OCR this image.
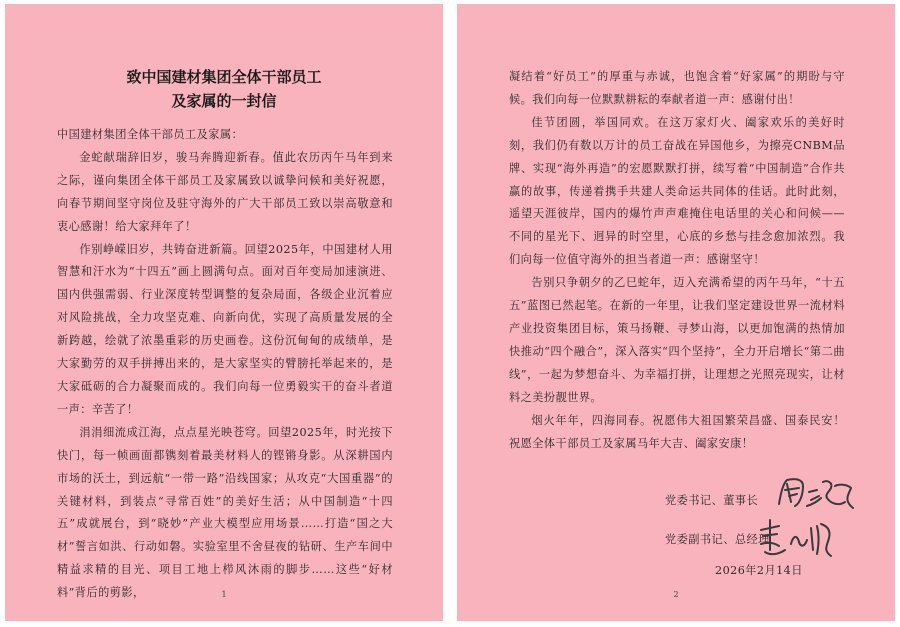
致中国建材集团全体干部员工

及家属的一封信

中国建材集团全体干部员工及家属：

金蛇献瑞辞旧岁，骏马奔腾迎新春。值此农历丙午马年到来之际，谨向集团全体干部员工及家属致以诚挚问候和美好祝愿，向春节期间坚守岗位及驻守海外的广大干部员工致以崇高敬意和衷心感谢！给大家拜年了！

作别峥嵘旧岁，共铸奋进新篇。回望2025年，中国建材人用智慧和汗水为“十四五”画上圆满句点。面对百年变局加速演进、国内供强需弱、行业深度转型调整的复杂局面，各级企业沉着应对风险挑战，全力攻坚克难、向新向优，实现了高质量发展的全新跨越，绘就了浓墨重彩的历史画卷。这份沉甸甸的成绩单，是大家勤劳的双手拼搏出来的，是大家坚实的臂膀托举起来的，是大家砥砺的合力凝聚而成的。我们向每一位勇毅实干的奋斗者道一声：辛苦了！

涓涓细流成江海，点点星光映苍穹。回望2025年，时光按下快门，每一帧画面都镌刻着最美材料人的铿锵身影。从深耕国内市场的沃土，到远航“一带一路”沿线国家；从攻克“大国重器”的关键材料，到装点“寻常百姓”的美好生活；从中国制造“十四五”成就展台，到“晓妙”产业大模型应用场景……打造“国之大材”誓言如洪、行动如磐。实验室里不舍昼夜的钻研、生产车间中精益求精的目光、项目工地上栉风沐雨的脚步……这些“好材料”背后的剪影，	1

凝结着“好员工”的厚重与赤诚，也饱含着“好家属”的期盼与守候。我们向每一位默默耕耘的奉献者道一声：感谢付出！

佳节团圆，举国同欢。在这万家灯火、阖家欢乐的美好时刻，我们仍有数以万计的员工奋战在异国他乡，为擦亮CNBM品牌、实现“海外再造”的宏愿默默打拼，续写着“中国制造”合作共赢的故事，传递着携手共建人类命运共同体的佳话。此时此刻，遥望天涯彼岸，国内的爆竹声声难掩住电话里的关心和问候——不同的星光下、迥异的时空里，心底的乡愁与挂念愈加浓烈。我们向每一位值守海外的担当者道一声：感谢坚守！

告别只争朝夕的乙巳蛇年，迈入充满希望的丙午马年，“十五五”蓝图已然起笔。在新的一年里，让我们坚定建设世界一流材料产业投资集团目标，策马扬鞭、寻梦山海，以更加饱满的热情加快推动“四个融合”，深入落实“四个坚持”，全力开启增长“第二曲线”，一起为梦想奋斗、为幸福打拼，让理想之光照亮现实，让材料之美扮靓世界。

烟火年年，四海同春。祝愿伟大祖国繁荣昌盛、国泰民安！祝愿全体干部员工及家属马年大吉、阖家安康！

党委书记、董事长
党委副书记、总经理
2026年2月14日
2
